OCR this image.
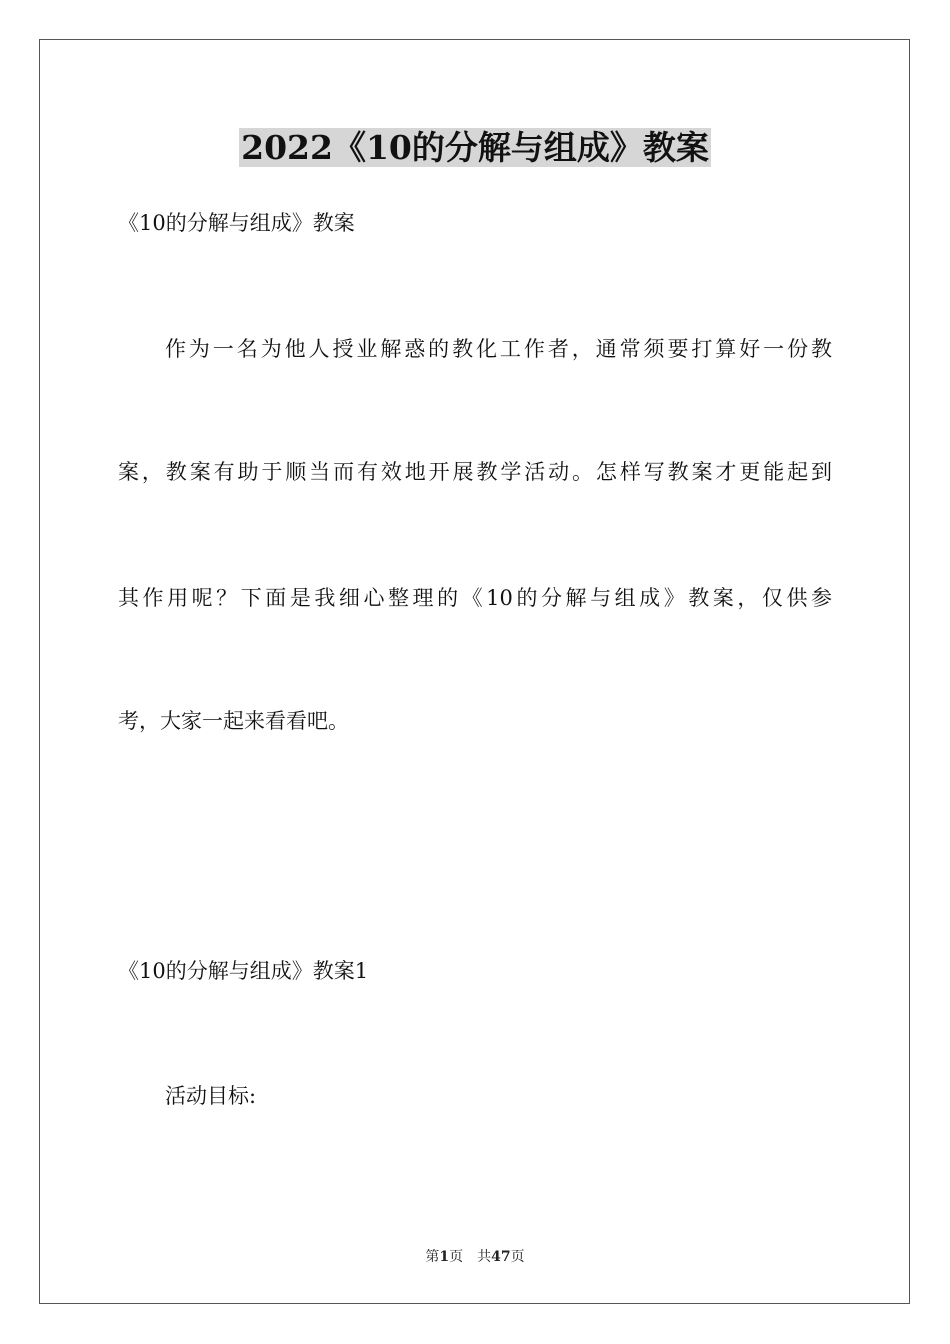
2022《10的分解与组成》教案
《10的分解与组成》教案
作为一名为他人授业解惑的教化工作者，通常须要打算好一份教
案，教案有助于顺当而有效地开展教学活动。怎样写教案才更能起到
其作用呢？下面是我细心整理的《10的分解与组成》教案，仅供参
考，大家一起来看看吧。
《10的分解与组成》教案1
活动目标:
第1页 共47页
